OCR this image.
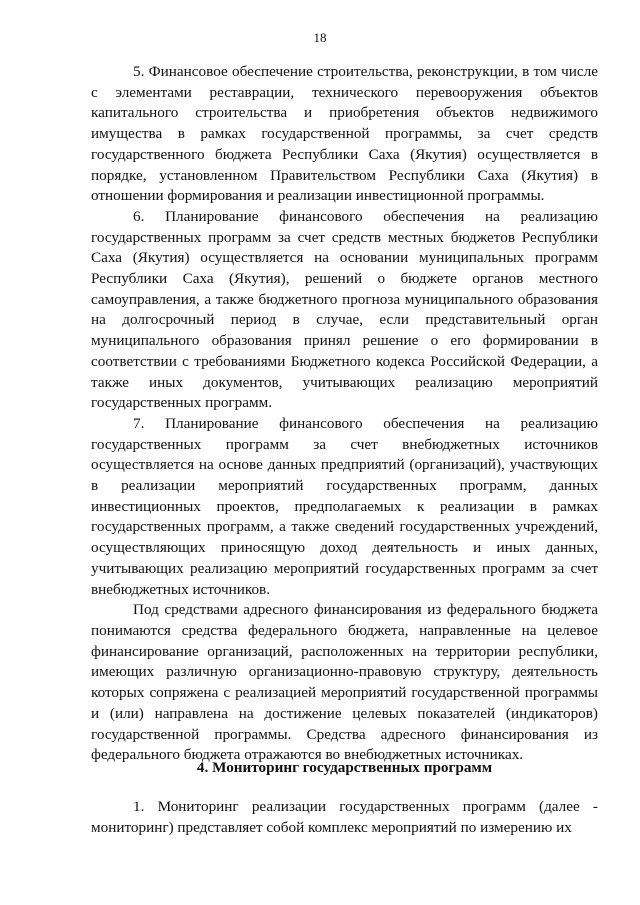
18

5. Финансовое обеспечение строительства, реконструкции, в том числе с элементами реставрации, технического перевооружения объектов капитального строительства и приобретения объектов недвижимого имущества в рамках государственной программы, за счет средств государственного бюджета Республики Саха (Якутия) осуществляется в порядке, установленном Правительством Республики Саха (Якутия) в отношении формирования и реализации инвестиционной программы.

6. Планирование финансового обеспечения на реализацию государственных программ за счет средств местных бюджетов Республики Саха (Якутия) осуществляется на основании муниципальных программ Республики Саха (Якутия), решений о бюджете органов местного самоуправления, а также бюджетного прогноза муниципального образования на долгосрочный период в случае, если представительный орган муниципального образования принял решение о его формировании в соответствии с требованиями Бюджетного кодекса Российской Федерации, а также иных документов, учитывающих реализацию мероприятий государственных программ.

7. Планирование финансового обеспечения на реализацию государственных программ за счет внебюджетных источников осуществляется на основе данных предприятий (организаций), участвующих в реализации мероприятий государственных программ, данных инвестиционных проектов, предполагаемых к реализации в рамках государственных программ, а также сведений государственных учреждений, осуществляющих приносящую доход деятельность и иных данных, учитывающих реализацию мероприятий государственных программ за счет внебюджетных источников.

Под средствами адресного финансирования из федерального бюджета понимаются средства федерального бюджета, направленные на целевое финансирование организаций, расположенных на территории республики, имеющих различную организационно-правовую структуру, деятельность которых сопряжена с реализацией мероприятий государственной программы и (или) направлена на достижение целевых показателей (индикаторов) государственной программы. Средства адресного финансирования из федерального бюджета отражаются во внебюджетных источниках.

4. Мониторинг государственных программ

1. Мониторинг реализации государственных программ (далее - мониторинг) представляет собой комплекс мероприятий по измерению их
